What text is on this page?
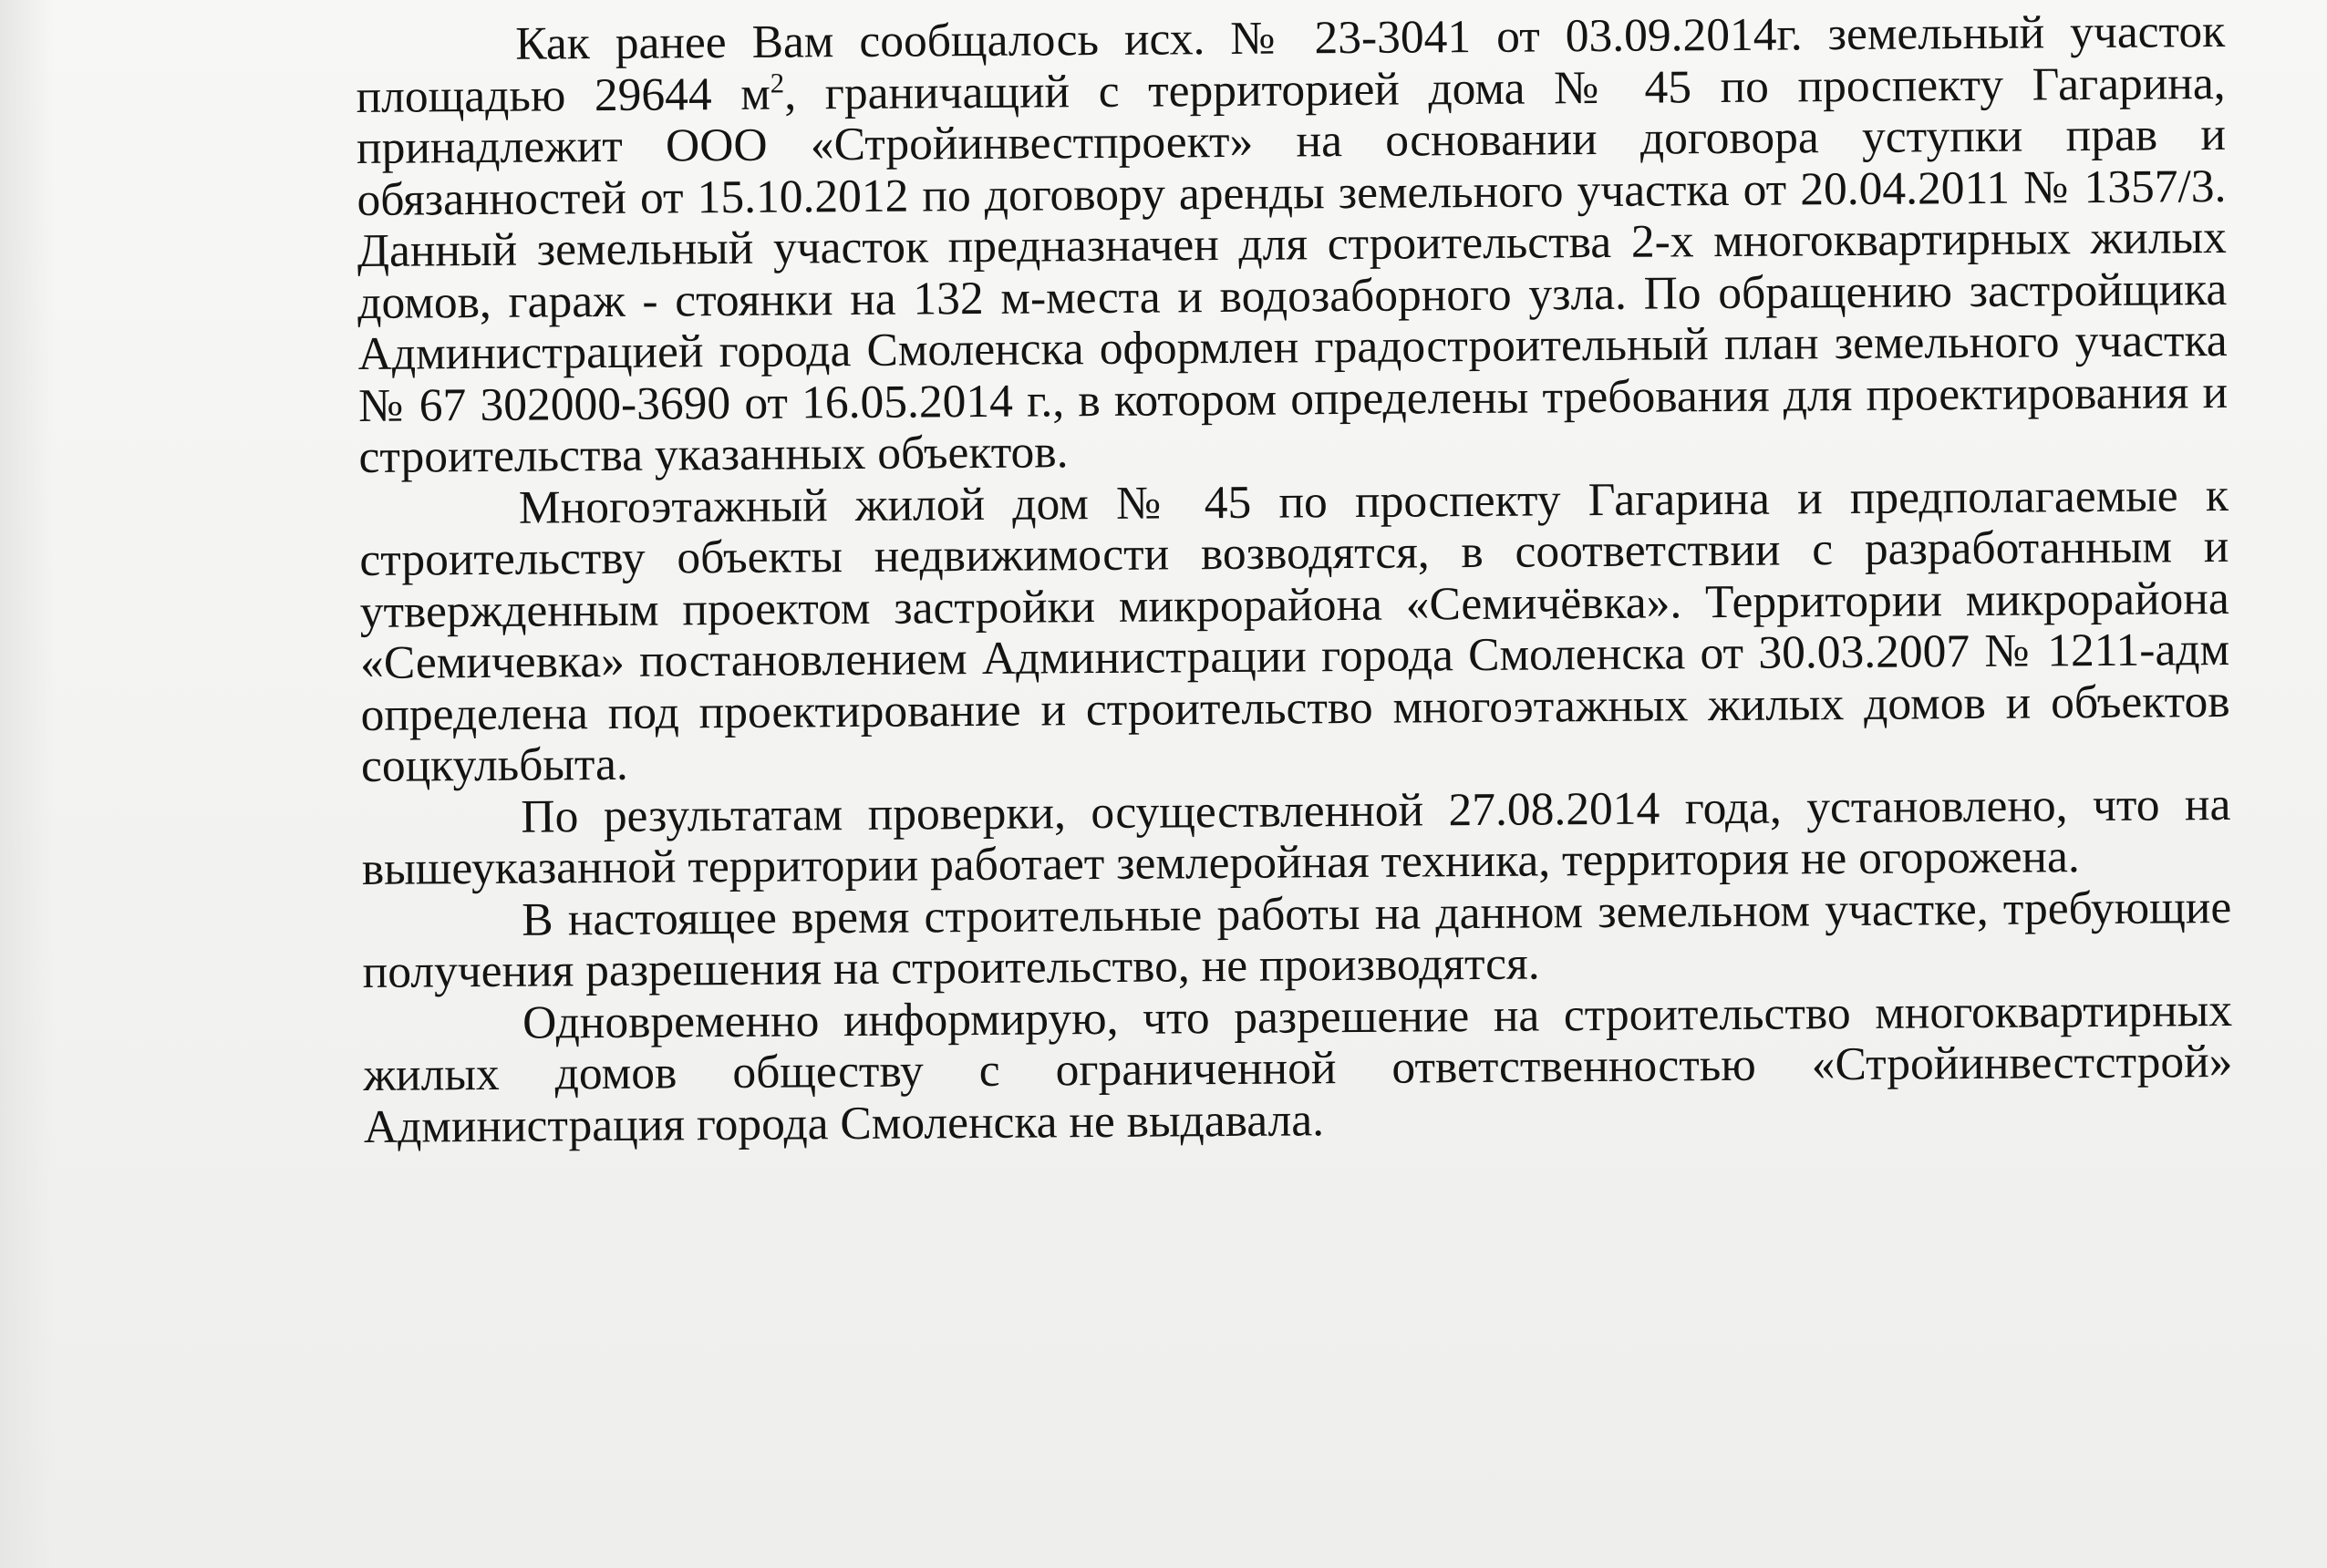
Как ранее Вам сообщалось исх. № 23-3041 от 03.09.2014г. земельный участок площадью 29644 $м^2$, граничащий с территорией дома № 45 по проспекту Гагарина, принадлежит ООО «Стройинвестпроект» на основании договора уступки прав и обязанностей от 15.10.2012 по договору аренды земельного участка от 20.04.2011 № 1357/3. Данный земельный участок предназначен для строительства 2-х многоквартирных жилых домов, гараж - стоянки на 132 м-места и водозаборного узла. По обращению застройщика Администрацией города Смоленска оформлен градостроительный план земельного участка № 67 302000-3690 от 16.05.2014 г., в котором определены требования для проектирования и строительства указанных объектов.

Многоэтажный жилой дом № 45 по проспекту Гагарина и предполагаемые к строительству объекты недвижимости возводятся, в соответствии с разработанным и утвержденным проектом застройки микрорайона «Семичёвка». Территории микрорайона «Семичевка» постановлением Администрации города Смоленска от 30.03.2007 № 1211-адм определена под проектирование и строительство многоэтажных жилых домов и объектов соцкульбыта.

По результатам проверки, осуществленной 27.08.2014 года, установлено, что на вышеуказанной территории работает землеройная техника, территория не огорожена.

В настоящее время строительные работы на данном земельном участке, требующие получения разрешения на строительство, не производятся.

Одновременно информирую, что разрешение на строительство многоквартирных жилых домов обществу с ограниченной ответственностью «Стройинвестстрой» Администрация города Смоленска не выдавала.
